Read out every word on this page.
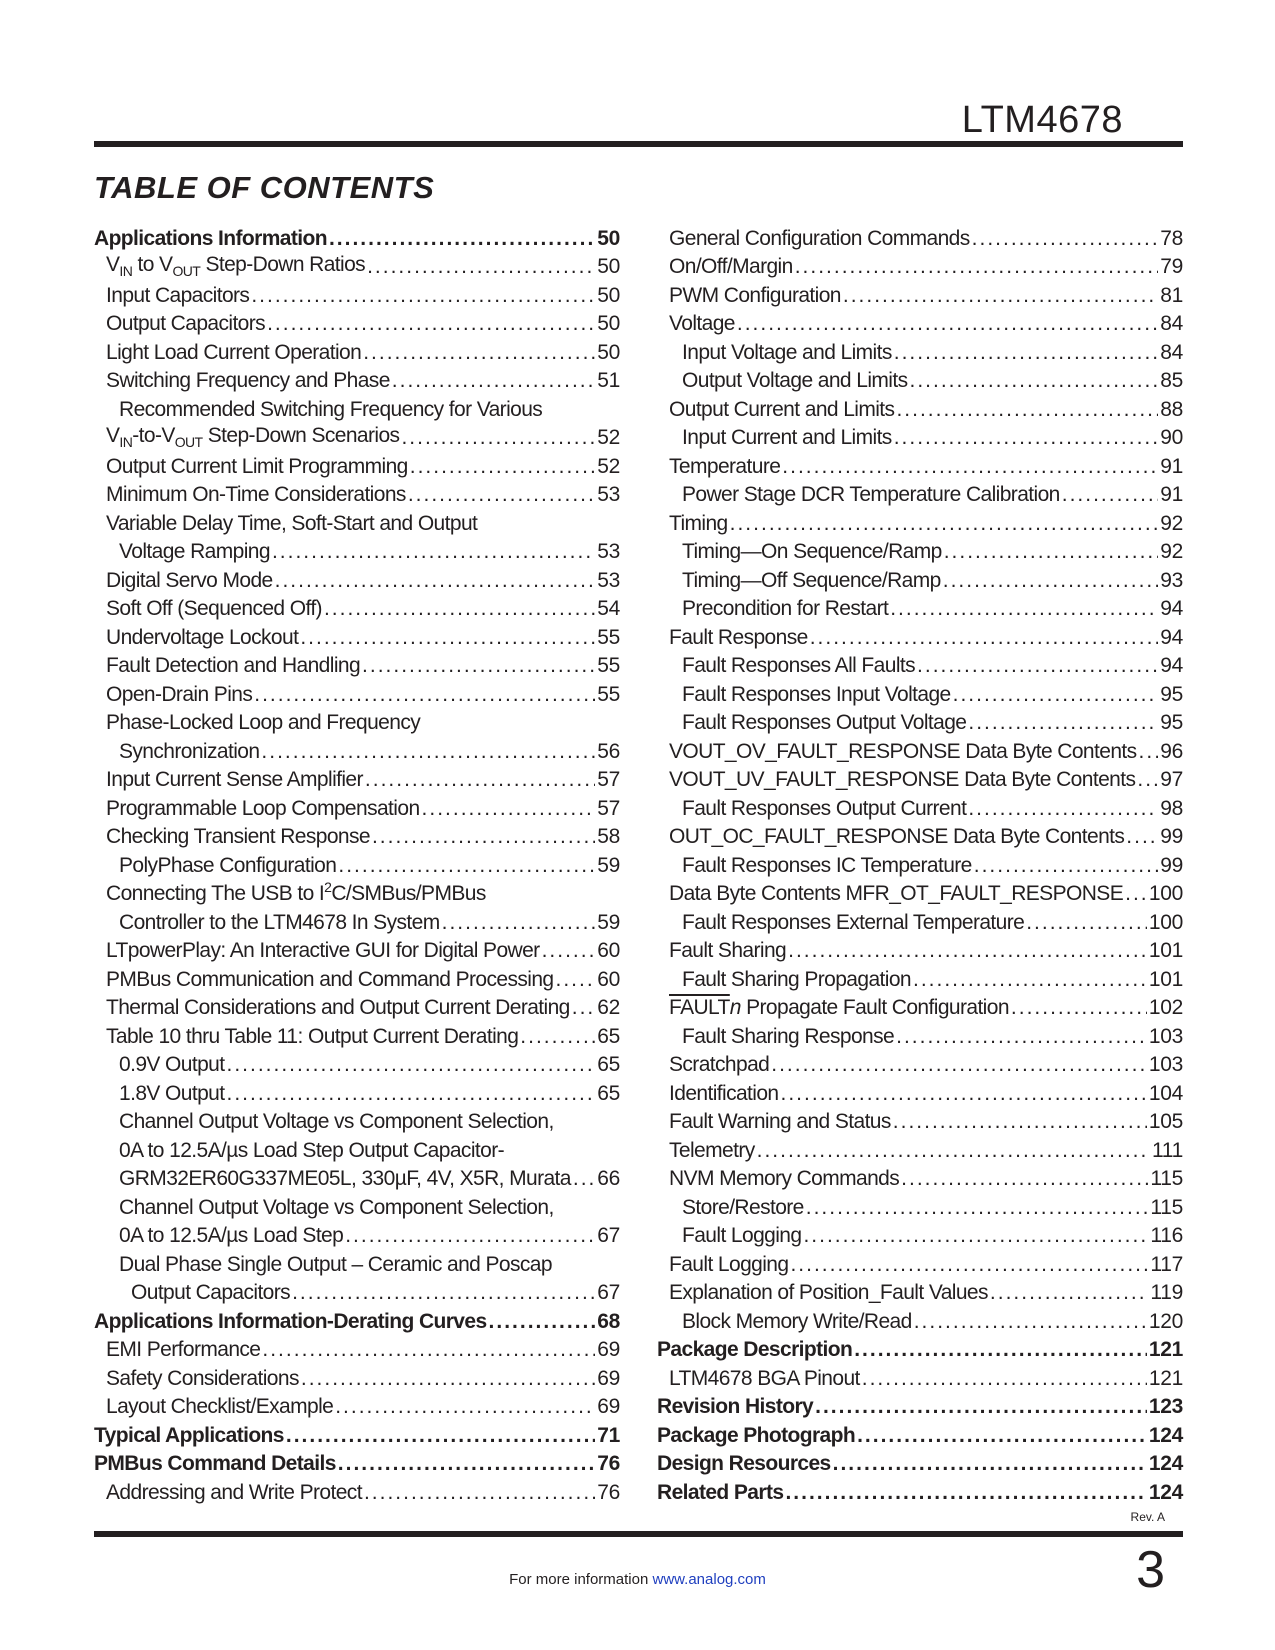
LTM4678
TABLE OF CONTENTS
Applications Information .....	50
$V_{IN}$ to $V_{OUT}$ Step-Down Ratios .....	50
Input Capacitors .....	50
Output Capacitors .....	50
Light Load Current Operation .....	50
Switching Frequency and Phase .....	51
Recommended Switching Frequency for Various
$V_{IN}-to-V_{OUT}$ Step-Down Scenarios .....	52
Output Current Limit Programming .....	52
Minimum On-Time Considerations .....	53
Variable Delay Time, Soft-Start and Output
Voltage Ramping .....	53
Digital Servo Mode .....	53
Soft Off (Sequenced Off) .....	54
Undervoltage Lockout .....	55
Fault Detection and Handling .....	55
Open-Drain Pins .....	55
Phase-Locked Loop and Frequency
Synchronization .....	56
Input Current Sense Amplifier .....	57
Programmable Loop Compensation .....	57
Checking Transient Response .....	58
PolyPhase Configuration .....	59
Connecting The USB to $I^2C/SMBus$/PMBus
Controller to the LTM4678 In System .....	59
LTpowerPlay: An Interactive GUI for Digital Power .....	60
PMBus Communication and Command Processing ..... 60
Thermal Considerations and Output Current Derating ..... 62
Table 10 thru Table 11: Output Current Derating .....	65
0.9V Output .....	65
1.8V Output .....	65
Channel Output Voltage vs Component Selection,
0A to 12.5A/µs Load Step Output Capacitor-
GRM32ER60G337ME05L, 330µF, 4V, X5R, Murata ..... 66
Channel Output Voltage vs Component Selection,
0A to 12.5A/µs Load Step .....	67
Dual Phase Single Output – Ceramic and Poscap
Output Capacitors .....	67
Applications Information-Derating Curves .....	68
EMI Performance .....	69
Safety Considerations .....	69
Layout Checklist/Example .....	69
Typical Applications .....	71
PMBus Command Details .....	76
Addressing and Write Protect .....	76
General Configuration Commands .....	78
On/Off/Margin .....	79
PWM Configuration .....	81
Voltage .....	84
Input Voltage and Limits .....	84
Output Voltage and Limits .....	85
Output Current and Limits .....	88
Input Current and Limits .....	90
Temperature .....	91
Power Stage DCR Temperature Calibration .....	91
Timing .....	92
Timing—On Sequence/Ramp .....	92
Timing—Off Sequence/Ramp .....	93
Precondition for Restart .....	94
Fault Response .....	94
Fault Responses All Faults .....	94
Fault Responses Input Voltage .....	95
Fault Responses Output Voltage .....	95
VOUT_OV_FAULT_RESPONSE Data Byte Contents ..... 96
VOUT_UV_FAULT_RESPONSE Data Byte Contents ..... 97
Fault Responses Output Current .....	98
OUT_OC_FAULT_RESPONSE Data Byte Contents ..... 99
Fault Responses IC Temperature .....	99
Data Byte Contents MFR_OT_FAULT_RESPONSE ..... 100
Fault Responses External Temperature .....	100
Fault Sharing .....	101
Fault Sharing Propagation .....	101
FAULTn Propagate Fault Configuration .....	102
Fault Sharing Response .....	103
Scratchpad .....	103
Identification .....	104
Fault Warning and Status .....	105
Telemetry .....	111
NVM Memory Commands .....	115
Store/Restore .....	115
Fault Logging .....	116
Fault Logging .....	117
Explanation of Position_Fault Values .....	119
Block Memory Write/Read .....	120
Package Description .....	121
LTM4678 BGA Pinout .....	121
Revision History .....	123
Package Photograph .....	124
Design Resources .....	124
Related Parts .....	124
Rev. A
For more information www.analog.com	3
